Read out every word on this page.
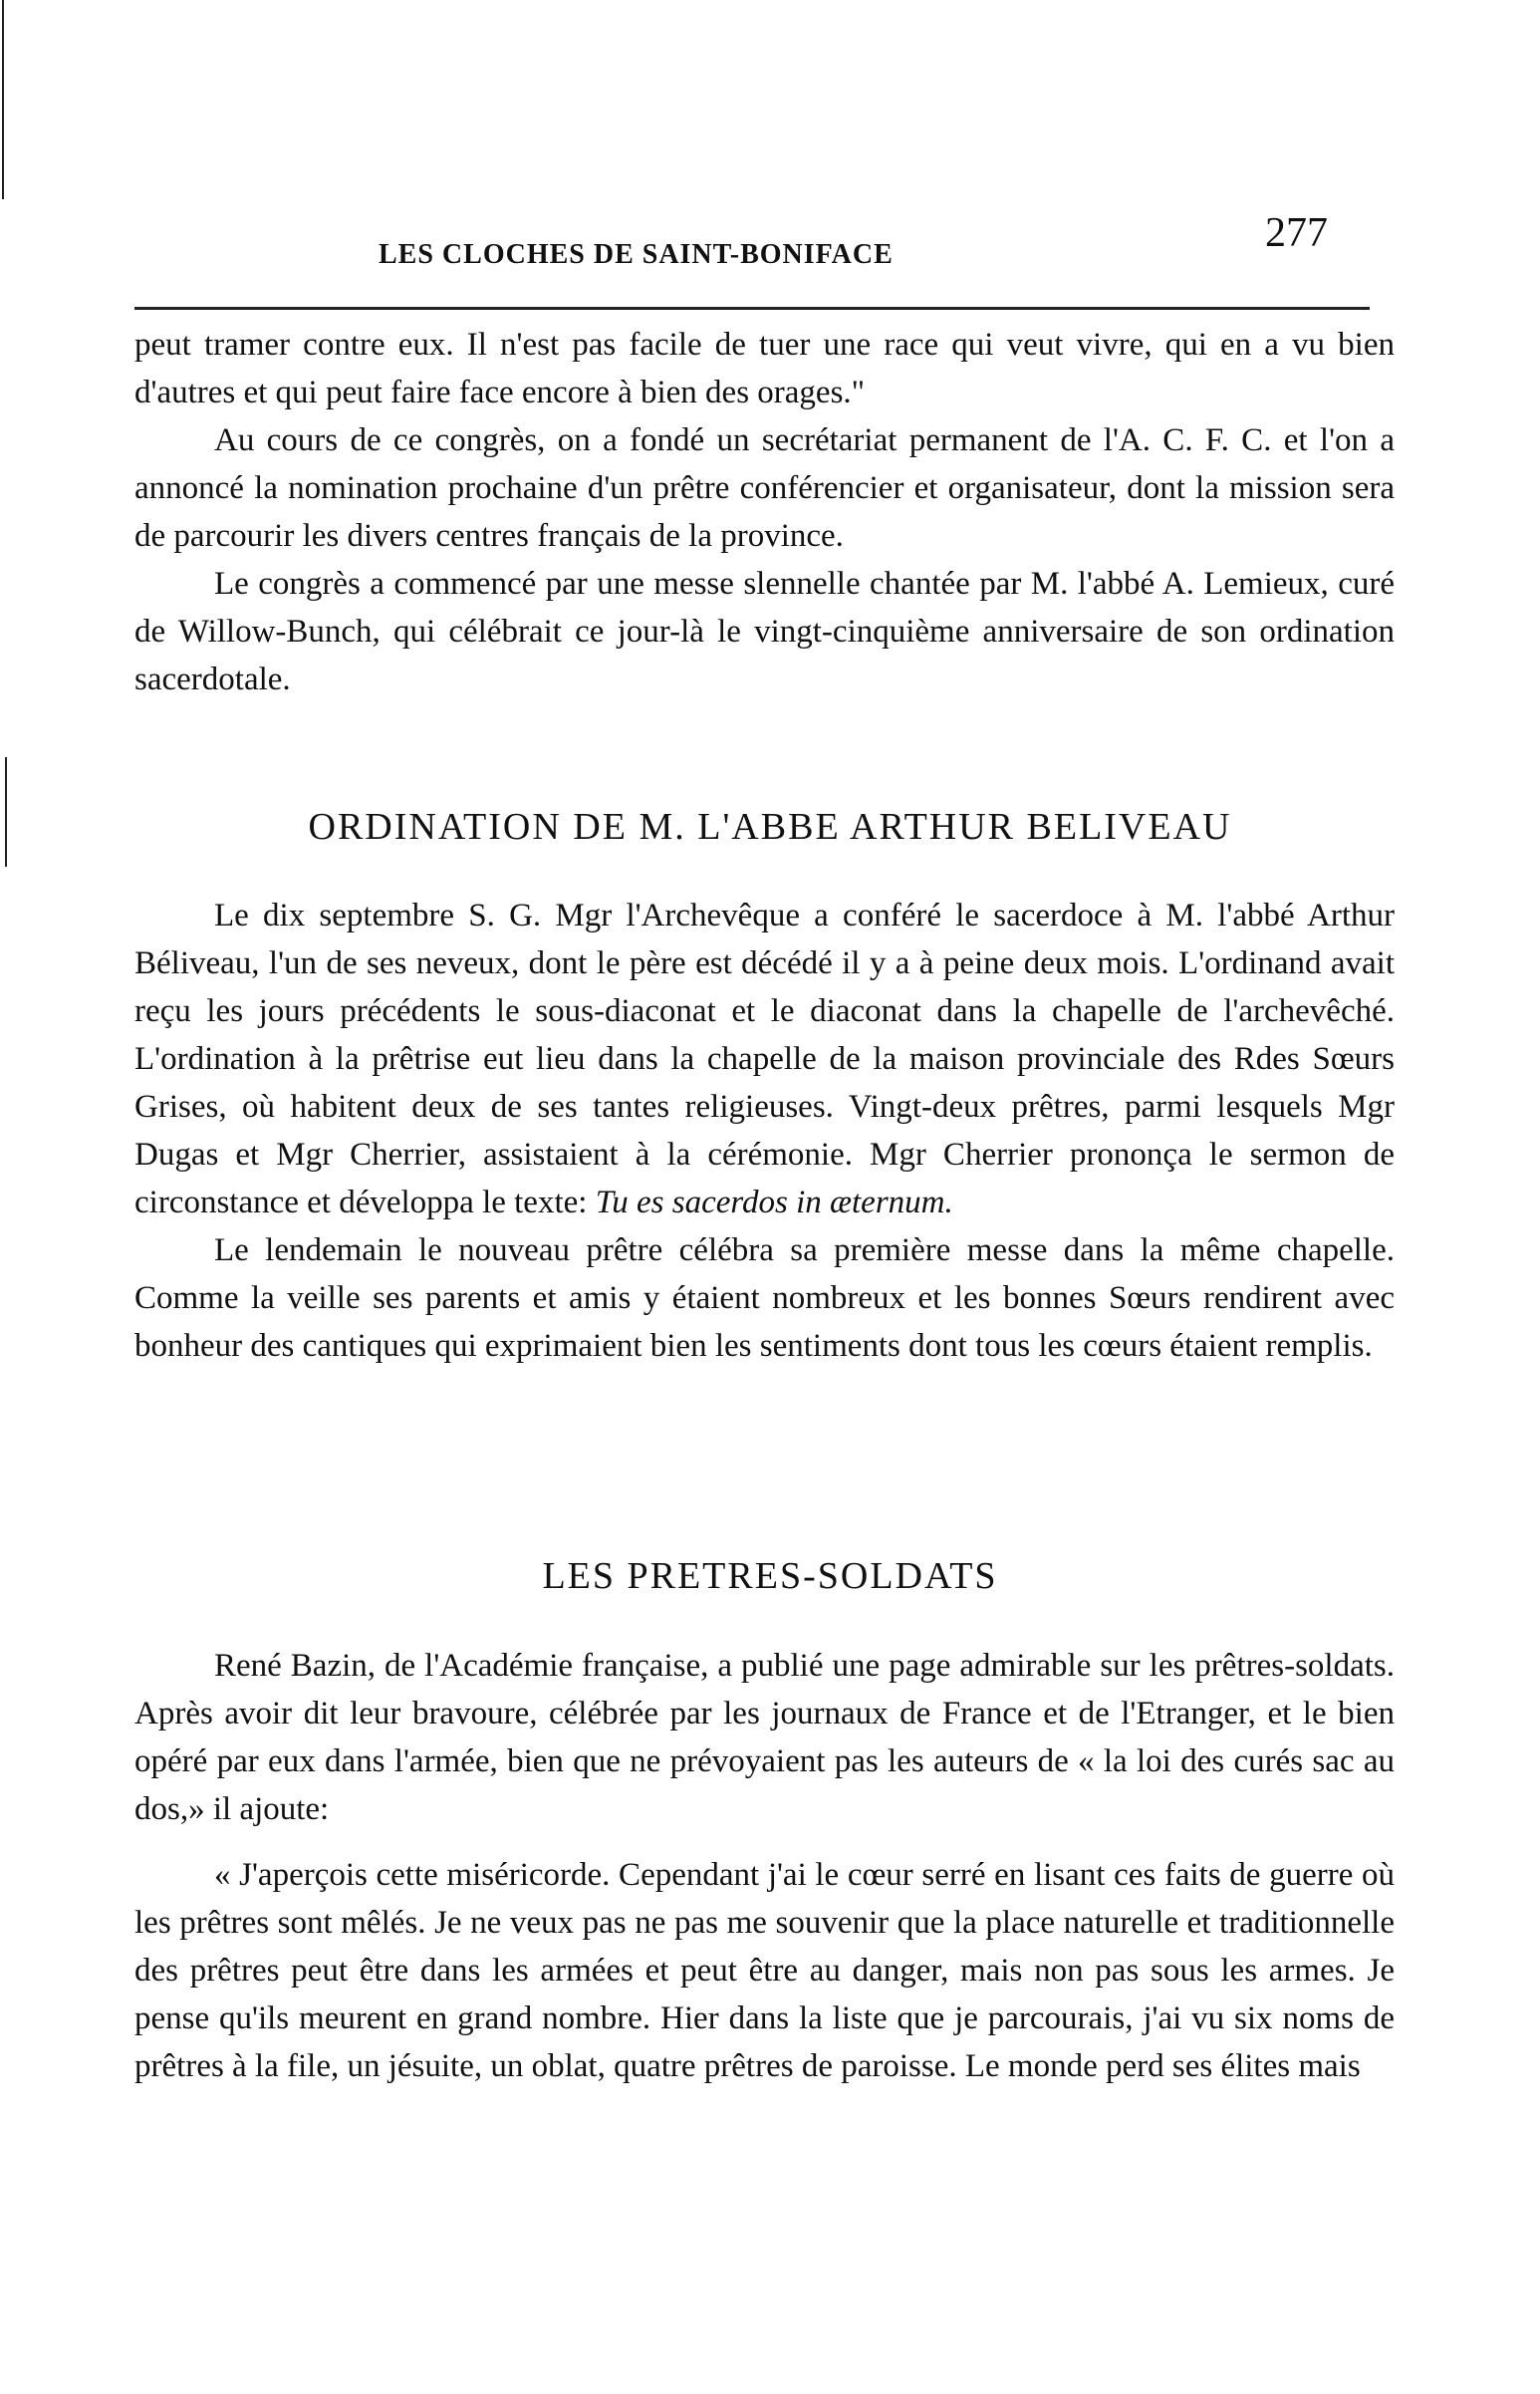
LES CLOCHES DE SAINT-BONIFACE	277

peut tramer contre eux. Il n'est pas facile de tuer une race qui veut vivre, qui en a vu bien d'autres et qui peut faire face encore à bien des orages."

Au cours de ce congrès, on a fondé un secrétariat permanent de l'A. C. F. C. et l'on a annoncé la nomination prochaine d'un prêtre conférencier et organisateur, dont la mission sera de parcourir les divers centres français de la province.

Le congrès a commencé par une messe slennelle chantée par M. l'abbé A. Lemieux, curé de Willow-Bunch, qui célébrait ce jour-là le vingt-cinquième anniversaire de son ordination sacerdotale.

ORDINATION DE M. L'ABBE ARTHUR BELIVEAU

Le dix septembre S. G. Mgr l'Archevêque a conféré le sacerdoce à M. l'abbé Arthur Béliveau, l'un de ses neveux, dont le père est décédé il y a à peine deux mois. L'ordinand avait reçu les jours précédents le sous-diaconat et le diaconat dans la chapelle de l'archevêché. L'ordination à la prêtrise eut lieu dans la chapelle de la maison provinciale des Rdes Sœurs Grises, où habitent deux de ses tantes religieuses. Vingt-deux prêtres, parmi lesquels Mgr Dugas et Mgr Cherrier, assistaient à la cérémonie. Mgr Cherrier prononça le sermon de circonstance et développa le texte: Tu es sacerdos in æternum.

Le lendemain le nouveau prêtre célébra sa première messe dans la même chapelle. Comme la veille ses parents et amis y étaient nombreux et les bonnes Sœurs rendirent avec bonheur des cantiques qui exprimaient bien les sentiments dont tous les cœurs étaient remplis.

LES PRETRES-SOLDATS

René Bazin, de l'Académie française, a publié une page admirable sur les prêtres-soldats. Après avoir dit leur bravoure, célébrée par les journaux de France et de l'Etranger, et le bien opéré par eux dans l'armée, bien que ne prévoyaient pas les auteurs de « la loi des curés sac au dos,» il ajoute:

« J'aperçois cette miséricorde. Cependant j'ai le cœur serré en lisant ces faits de guerre où les prêtres sont mêlés. Je ne veux pas ne pas me souvenir que la place naturelle et traditionnelle des prêtres peut être dans les armées et peut être au danger, mais non pas sous les armes. Je pense qu'ils meurent en grand nombre. Hier dans la liste que je parcourais, j'ai vu six noms de prêtres à la file, un jésuite, un oblat, quatre prêtres de paroisse. Le monde perd ses élites mais
